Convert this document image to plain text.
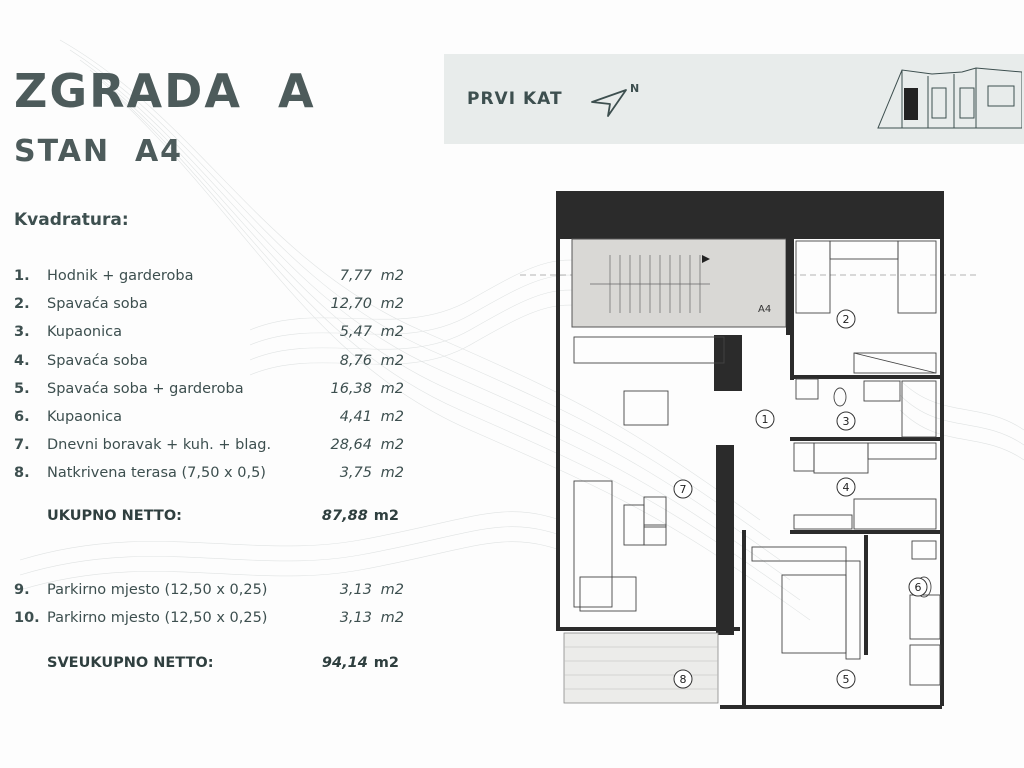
ZGRADA  A
STAN  A4
Kvadratura:
1.	Hodnik + garderoba	7,77 m2
2.	Spavaća soba	12,70 m2
3.	Kupaonica	5,47 m2
4.	Spavaća soba	8,76 m2
5.	Spavaća soba + garderoba	16,38 m2
6.	Kupaonica	4,41 m2
7.	Dnevni boravak + kuh. + blag.	28,64 m2
8.	Natkrivena terasa (7,50 x 0,5)	3,75 m2
UKUPNO NETTO:	87,88 m2
9.	Parkirno mjesto (12,50 x 0,25)	3,13 m2
10. Parkirno mjesto (12,50 x 0,25)	3,13 m2
SVEUKUPNO NETTO:	94,14 m2
PRVI KAT
N
A4
2
3
1
4
7
5
6
8
